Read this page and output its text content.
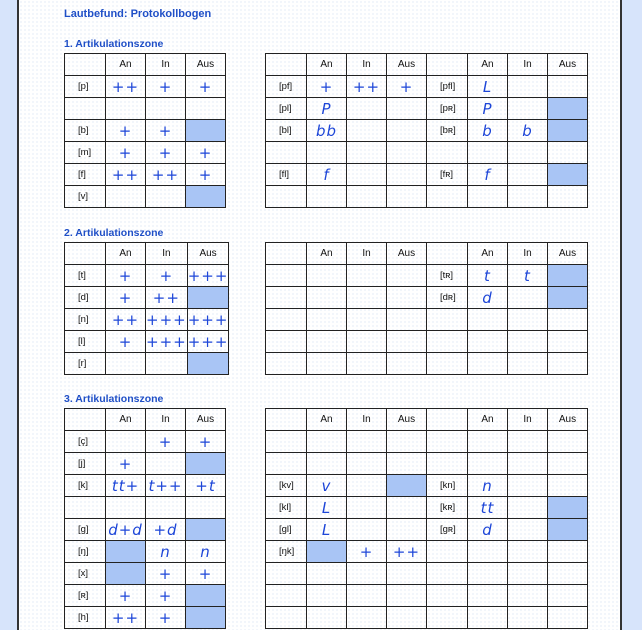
Lautbefund: Protokollbogen
1. Artikulationszone
	An	In	Aus
[p]	++	+	+

[b]	+	+	
[m]	+	+	+
[f]	++	++	+
[v]			
	An	In	Aus		An	In	Aus
[pf]	+	++	+	[pfl]	L		
[pl]	P			[pʀ]	P		
[bl]	bb			[bʀ]	b	b	

[fl]	f			[fʀ]	f		

2. Artikulationszone
	An	In	Aus
[t]	+	+	+++
[d]	+	++	
[n]	++	+++	+++
[l]	+	+++	+++
[r]			
	An	In	Aus		An	In	Aus
				[tʀ]	t	t	
				[dʀ]	d		

3. Artikulationszone
	An	In	Aus
[ç]		+	+
[j]	+		
[k]	tt+	t++	+t

[g]	d+d	+d	
[ŋ]		n	n
[x]		+	+
[ʀ]	+	+	
[h]	++	+	
	An	In	Aus		An	In	Aus

[kv]	v			[kn]	n		
[kl]	L			[kʀ]	tt		
[gl]	L			[gʀ]	d		
[ŋk]		+	++				
